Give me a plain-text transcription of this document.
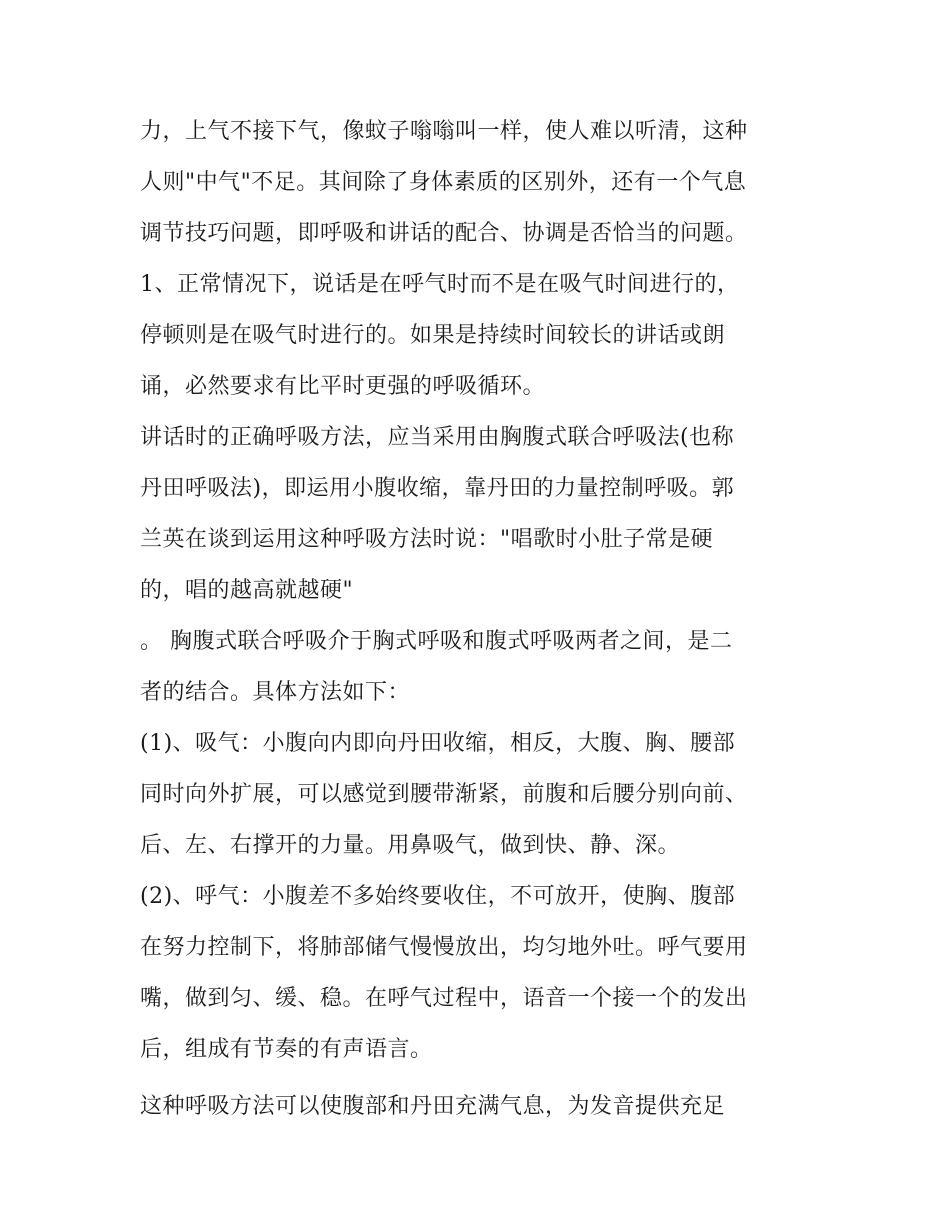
力，上气不接下气，像蚊子嗡嗡叫一样，使人难以听清，这种
人则"中气"不足。其间除了身体素质的区别外，还有一个气息
调节技巧问题，即呼吸和讲话的配合、协调是否恰当的问题。
1、正常情况下，说话是在呼气时而不是在吸气时间进行的，
停顿则是在吸气时进行的。如果是持续时间较长的讲话或朗
诵，必然要求有比平时更强的呼吸循环。
讲话时的正确呼吸方法，应当采用由胸腹式联合呼吸法(也称
丹田呼吸法)，即运用小腹收缩，靠丹田的力量控制呼吸。郭
兰英在谈到运用这种呼吸方法时说："唱歌时小肚子常是硬
的，唱的越高就越硬"
。 胸腹式联合呼吸介于胸式呼吸和腹式呼吸两者之间，是二
者的结合。具体方法如下：
(1)、吸气：小腹向内即向丹田收缩，相反，大腹、胸、腰部
同时向外扩展，可以感觉到腰带渐紧，前腹和后腰分别向前、
后、左、右撑开的力量。用鼻吸气，做到快、静、深。
(2)、呼气：小腹差不多始终要收住，不可放开，使胸、腹部
在努力控制下，将肺部储气慢慢放出，均匀地外吐。呼气要用
嘴，做到匀、缓、稳。在呼气过程中，语音一个接一个的发出
后，组成有节奏的有声语言。
这种呼吸方法可以使腹部和丹田充满气息，为发音提供充足
